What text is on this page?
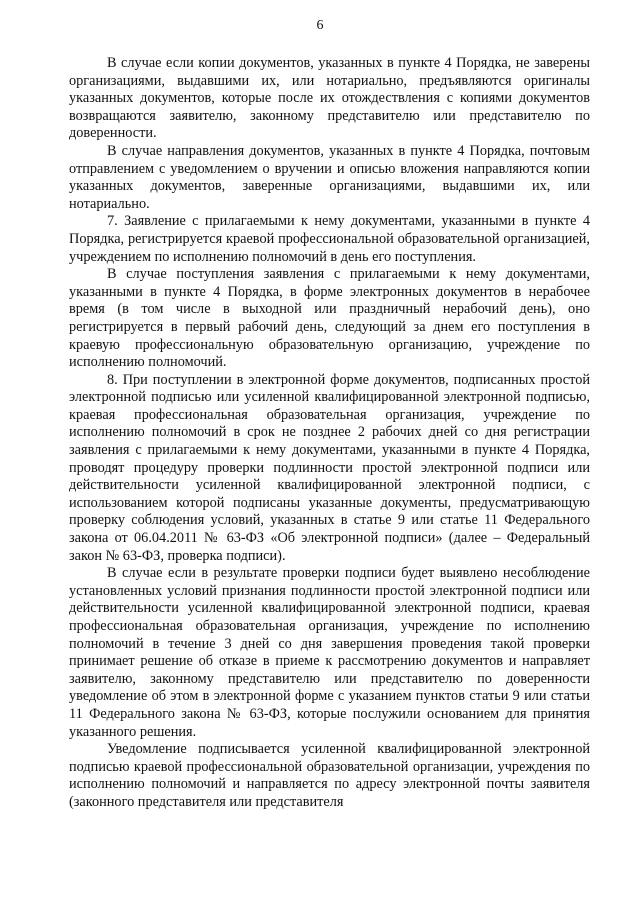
6

В случае если копии документов, указанных в пункте 4 Порядка, не заверены организациями, выдавшими их, или нотариально, предъявляются оригиналы указанных документов, которые после их отождествления с копиями документов возвращаются заявителю, законному представителю или представителю по доверенности.

В случае направления документов, указанных в пункте 4 Порядка, почтовым отправлением с уведомлением о вручении и описью вложения направляются копии указанных документов, заверенные организациями, выдавшими их, или нотариально.

7. Заявление с прилагаемыми к нему документами, указанными в пункте 4 Порядка, регистрируется краевой профессиональной образовательной организацией, учреждением по исполнению полномочий в день его поступления.

В случае поступления заявления с прилагаемыми к нему документами, указанными в пункте 4 Порядка, в форме электронных документов в нерабочее время (в том числе в выходной или праздничный нерабочий день), оно регистрируется в первый рабочий день, следующий за днем его поступления в краевую профессиональную образовательную организацию, учреждение по исполнению полномочий.

8. При поступлении в электронной форме документов, подписанных простой электронной подписью или усиленной квалифицированной электронной подписью, краевая профессиональная образовательная организация, учреждение по исполнению полномочий в срок не позднее 2 рабочих дней со дня регистрации заявления с прилагаемыми к нему документами, указанными в пункте 4 Порядка, проводят процедуру проверки подлинности простой электронной подписи или действительности усиленной квалифицированной электронной подписи, с использованием которой подписаны указанные документы, предусматривающую проверку соблюдения условий, указанных в статье 9 или статье 11 Федерального закона от 06.04.2011 № 63-ФЗ «Об электронной подписи» (далее – Федеральный закон № 63-ФЗ, проверка подписи).

В случае если в результате проверки подписи будет выявлено несоблюдение установленных условий признания подлинности простой электронной подписи или действительности усиленной квалифицированной электронной подписи, краевая профессиональная образовательная организация, учреждение по исполнению полномочий в течение 3 дней со дня завершения проведения такой проверки принимает решение об отказе в приеме к рассмотрению документов и направляет заявителю, законному представителю или представителю по доверенности уведомление об этом в электронной форме с указанием пунктов статьи 9 или статьи 11 Федерального закона № 63-ФЗ, которые послужили основанием для принятия указанного решения.

Уведомление подписывается усиленной квалифицированной электронной подписью краевой профессиональной образовательной организации, учреждения по исполнению полномочий и направляется по адресу электронной почты заявителя (законного представителя или представителя
